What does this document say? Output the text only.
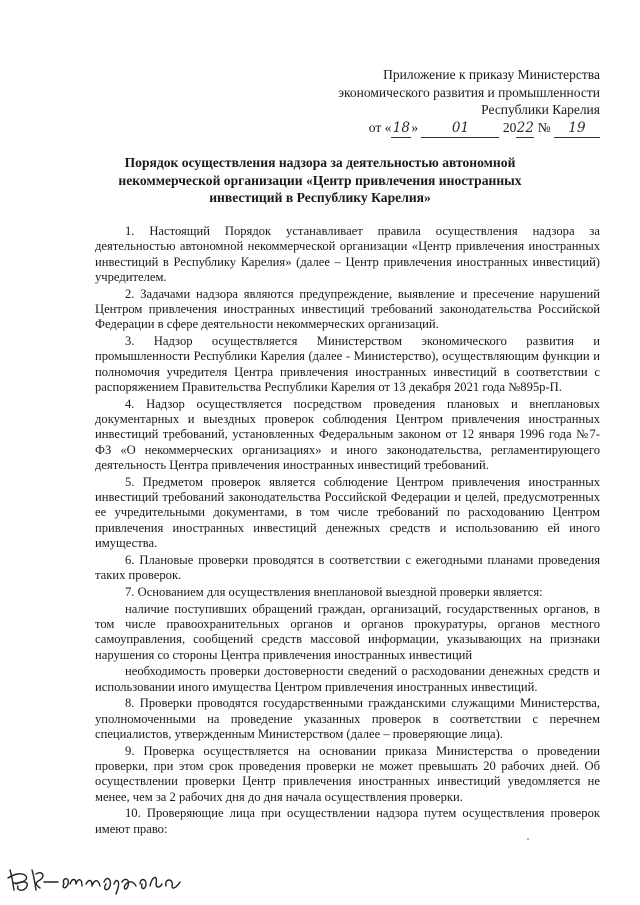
Приложение к приказу Министерства
экономического развития и промышленности
Республики Карелия
от «18»	01	2022 № 19
Порядок осуществления надзора за деятельностью автономной
некоммерческой организации «Центр привлечения иностранных
инвестиций в Республику Карелия»

1. Настоящий Порядок устанавливает правила осуществления надзора за деятельностью автономной некоммерческой организации «Центр привлечения иностранных инвестиций в Республику Карелия» (далее – Центр привлечения иностранных инвестиций) учредителем.

2. Задачами надзора являются предупреждение, выявление и пресечение нарушений Центром привлечения иностранных инвестиций требований законодательства Российской Федерации в сфере деятельности некоммерческих организаций.

3. Надзор осуществляется Министерством экономического развития и промышленности Республики Карелия (далее - Министерство), осуществляющим функции и полномочия учредителя Центра привлечения иностранных инвестиций в соответствии с распоряжением Правительства Республики Карелия от 13 декабря 2021 года №895р-П.

4. Надзор осуществляется посредством проведения плановых и внеплановых документарных и выездных проверок соблюдения Центром привлечения иностранных инвестиций требований, установленных Федеральным законом от 12 января 1996 года №7-ФЗ «О некоммерческих организациях» и иного законодательства, регламентирующего деятельность Центра привлечения иностранных инвестиций требований.

5. Предметом проверок является соблюдение Центром привлечения иностранных инвестиций требований законодательства Российской Федерации и целей, предусмотренных ее учредительными документами, в том числе требований по расходованию Центром привлечения иностранных инвестиций денежных средств и использованию ей иного имущества.

6. Плановые проверки проводятся в соответствии с ежегодными планами проведения таких проверок.

7. Основанием для осуществления внеплановой выездной проверки является:

наличие поступивших обращений граждан, организаций, государственных органов, в том числе правоохранительных органов и органов прокуратуры, органов местного самоуправления, сообщений средств массовой информации, указывающих на признаки нарушения со стороны Центра привлечения иностранных инвестиций

необходимость проверки достоверности сведений о расходовании денежных средств и использовании иного имущества Центром привлечения иностранных инвестиций.

8. Проверки проводятся государственными гражданскими служащими Министерства, уполномоченными на проведение указанных проверок в соответствии с перечнем специалистов, утвержденным Министерством (далее – проверяющие лица).

9. Проверка осуществляется на основании приказа Министерства о проведении проверки, при этом срок проведения проверки не может превышать 20 рабочих дней. Об осуществлении проверки Центр привлечения иностранных инвестиций уведомляется не менее, чем за 2 рабочих дня до дня начала осуществления проверки.

10. Проверяющие лица при осуществлении надзора путем осуществления проверок имеют право:
